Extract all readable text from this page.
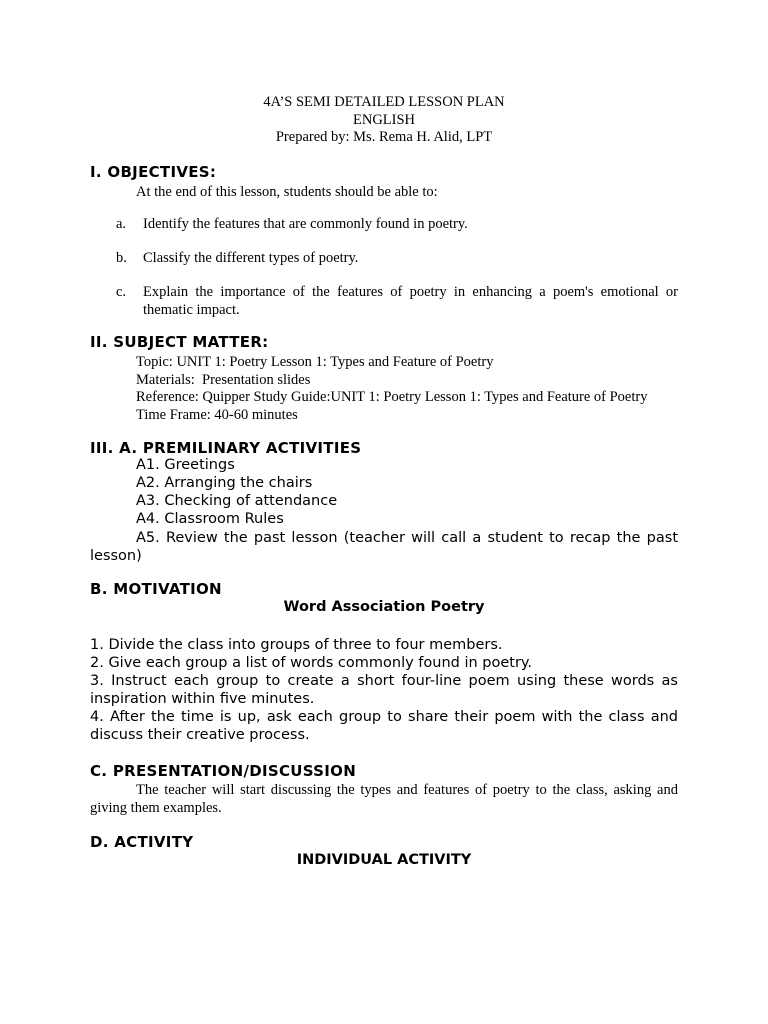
4A’S SEMI DETAILED LESSON PLAN
ENGLISH
Prepared by: Ms. Rema H. Alid, LPT
I. OBJECTIVES:
At the end of this lesson, students should be able to:
a. Identify the features that are commonly found in poetry.
b. Classify the different types of poetry.
c. Explain the importance of the features of poetry in enhancing a poem's emotional or thematic impact.
II. SUBJECT MATTER:
Topic: UNIT 1: Poetry Lesson 1: Types and Feature of Poetry
Materials:  Presentation slides
Reference: Quipper Study Guide:UNIT 1: Poetry Lesson 1: Types and Feature of Poetry
Time Frame: 40-60 minutes
III. A. PREMILINARY ACTIVITIES
A1. Greetings
A2. Arranging the chairs
A3. Checking of attendance
A4. Classroom Rules
A5. Review the past lesson (teacher will call a student to recap the past lesson)
B. MOTIVATION
Word Association Poetry
1. Divide the class into groups of three to four members.
2. Give each group a list of words commonly found in poetry.
3. Instruct each group to create a short four-line poem using these words as inspiration within five minutes.
4. After the time is up, ask each group to share their poem with the class and discuss their creative process.
C. PRESENTATION/DISCUSSION
The teacher will start discussing the types and features of poetry to the class, asking and giving them examples.
D. ACTIVITY
INDIVIDUAL ACTIVITY
